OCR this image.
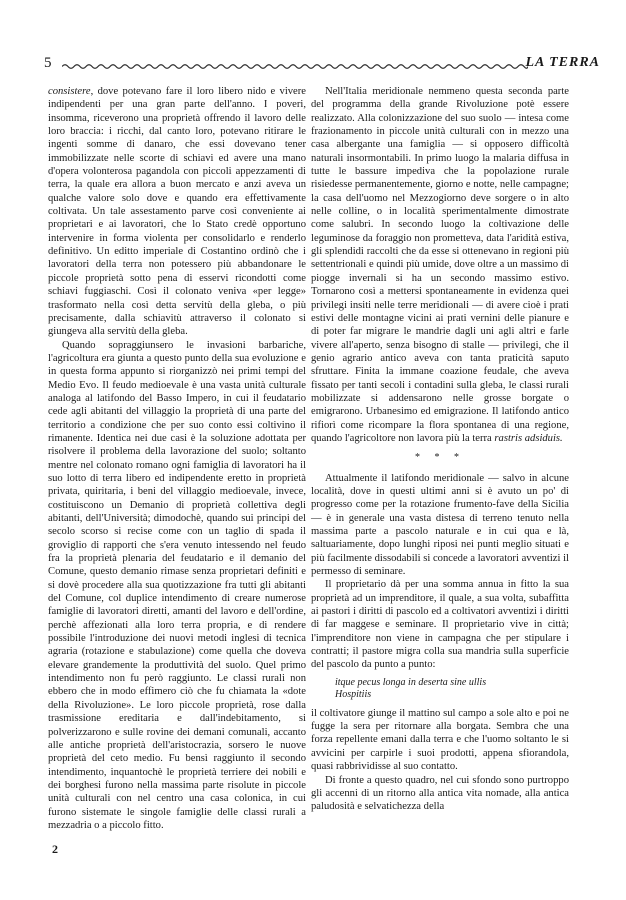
5	LA TERRA

consistere, dove potevano fare il loro libero nido e vivere indipendenti per una gran parte dell'anno. I poveri, insomma, riceverono una proprietà offrendo il lavoro delle loro braccia: i ricchi, dal canto loro, potevano ritirare le ingenti somme di danaro, che essi dovevano tener immobilizzate nelle scorte di schiavi ed avere una mano d'opera volonterosa pagandola con piccoli appezzamenti di terra, la quale era allora a buon mercato e anzi aveva un qualche valore solo dove e quando era effettivamente coltivata. Un tale assestamento parve così conveniente ai proprietari e ai lavoratori, che lo Stato credè opportuno intervenire in forma violenta per consolidarlo e renderlo definitivo. Un editto imperiale di Costantino ordinò che i lavoratori della terra non potessero più abbandonare le piccole proprietà sotto pena di esservi ricondotti come schiavi fuggiaschi. Così il colonato veniva «per legge» trasformato nella così detta servitù della gleba, o più precisamente, dalla schiavitù attraverso il colonato si giungeva alla servitù della gleba.

Quando sopraggiunsero le invasioni barbariche, l'agricoltura era giunta a questo punto della sua evoluzione e in questa forma appunto si riorganizzò nei primi tempi del Medio Evo. Il feudo medioevale è una vasta unità culturale analoga al latifondo del Basso Impero, in cui il feudatario cede agli abitanti del villaggio la proprietà di una parte del territorio a condizione che per suo conto essi coltivino il rimanente. Identica nei due casi è la soluzione adottata per risolvere il problema della lavorazione del suolo; soltanto mentre nel colonato romano ogni famiglia di lavoratori ha il suo lotto di terra libero ed indipendente eretto in proprietà privata, quiritaria, i beni del villaggio medioevale, invece, costituiscono un Demanio di proprietà collettiva degli abitanti, dell'Università; dimodochè, quando sui principi del secolo scorso si recise come con un taglio di spada il groviglio di rapporti che s'era venuto intessendo nel feudo fra la proprietà plenaria del feudatario e il demanio del Comune, questo demanio rimase senza proprietari definiti e si dovè procedere alla sua quotizzazione fra tutti gli abitanti del Comune, col duplice intendimento di creare numerose famiglie di lavoratori diretti, amanti del lavoro e dell'ordine, perchè affezionati alla loro terra propria, e di rendere possibile l'introduzione dei nuovi metodi inglesi di tecnica agraria (rotazione e stabulazione) come quella che doveva elevare grandemente la produttività del suolo. Quel primo intendimento non fu però raggiunto. Le classi rurali non ebbero che in modo effimero ciò che fu chiamata la «dote della Rivoluzione». Le loro piccole proprietà, rose dalla trasmissione ereditaria e dall'indebitamento, si polverizzarono e sulle rovine dei demani comunali, accanto alle antiche proprietà dell'aristocrazia, sorsero le nuove proprietà del ceto medio. Fu bensì raggiunto il secondo intendimento, inquantochè le proprietà terriere dei nobili e dei borghesi furono nella massima parte risolute in piccole unità culturali con nel centro una casa colonica, in cui furono sistemate le singole famiglie delle classi rurali a mezzadria o a piccolo fitto.

Nell'Italia meridionale nemmeno questa seconda parte del programma della grande Rivoluzione potè essere realizzato. Alla colonizzazione del suo suolo — intesa come frazionamento in piccole unità culturali con in mezzo una casa albergante una famiglia — si opposero difficoltà naturali insormontabili. In primo luogo la malaria diffusa in tutte le bassure impediva che la popolazione rurale risiedesse permanentemente, giorno e notte, nelle campagne; la casa dell'uomo nel Mezzogiorno deve sorgere o in alto nelle colline, o in località sperimentalmente dimostrate come salubri. In secondo luogo la coltivazione delle leguminose da foraggio non prometteva, data l'aridità estiva, gli splendidi raccolti che da esse si ottenevano in regioni più settentrionali e quindi più umide, dove oltre a un massimo di piogge invernali si ha un secondo massimo estivo. Tornarono così a mettersi spontaneamente in evidenza quei privilegi insiti nelle terre meridionali — di avere cioè i prati estivi delle montagne vicini ai prati vernini delle pianure e di poter far migrare le mandrie dagli uni agli altri e farle vivere all'aperto, senza bisogno di stalle — privilegi, che il genio agrario antico aveva con tanta praticità saputo sfruttare. Finita la immane coazione feudale, che aveva fissato per tanti secoli i contadini sulla gleba, le classi rurali mobilizzate si addensarono nelle grosse borgate o emigrarono. Urbanesimo ed emigrazione. Il latifondo antico rifiorì come ricompare la flora spontanea di una regione, quando l'agricoltore non lavora più la terra rastris adsiduis.

* * *

Attualmente il latifondo meridionale — salvo in alcune località, dove in questi ultimi anni si è avuto un po' di progresso come per la rotazione frumento-fave della Sicilia — è in generale una vasta distesa di terreno tenuto nella massima parte a pascolo naturale e in cui qua e là, saltuariamente, dopo lunghi riposi nei punti meglio situati e più facilmente dissodabili si concede a lavoratori avventizi il permesso di seminare.

Il proprietario dà per una somma annua in fitto la sua proprietà ad un imprenditore, il quale, a sua volta, subaffitta ai pastori i diritti di pascolo ed a coltivatori avventizi i diritti di far maggese e seminare. Il proprietario vive in città; l'imprenditore non viene in campagna che per stipulare i contratti; il pastore migra colla sua mandria sulla superficie del pascolo da punto a punto:

itque pecus longa in deserta sine ullis
Hospitiis

il coltivatore giunge il mattino sul campo a sole alto e poi ne fugge la sera per ritornare alla borgata. Sembra che una forza repellente emani dalla terra e che l'uomo soltanto le si avvicini per carpirle i suoi prodotti, appena sfiorandola, quasi rabbrividisse al suo contatto.

Di fronte a questo quadro, nel cui sfondo sono purtroppo gli accenni di un ritorno alla antica vita nomade, alla antica paludosità e selvatichezza della

2
